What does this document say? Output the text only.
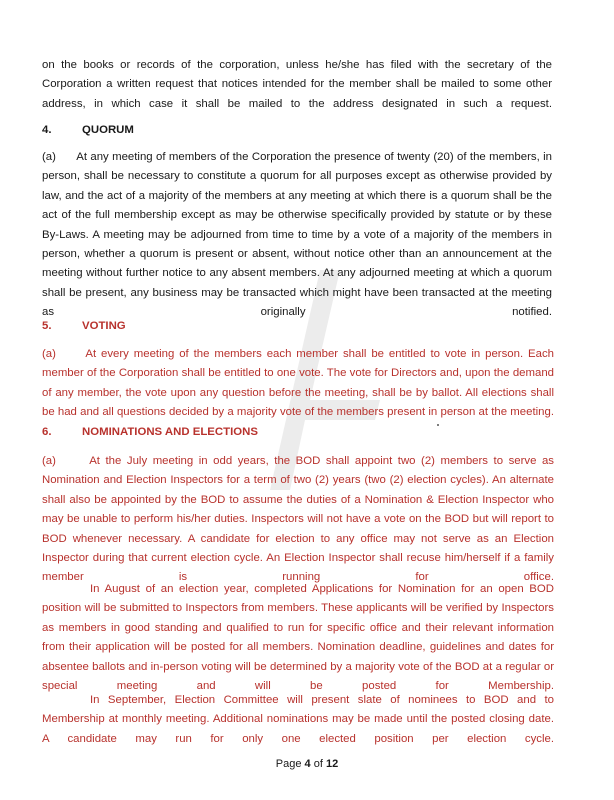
on the books or records of the corporation, unless he/she has filed with the secretary of the Corporation a written request that notices intended for the member shall be mailed to some other address, in which case it shall be mailed to the address designated in such a request.

4.	QUORUM

(a) At any meeting of members of the Corporation the presence of twenty (20) of the members, in person, shall be necessary to constitute a quorum for all purposes except as otherwise provided by law, and the act of a majority of the members at any meeting at which there is a quorum shall be the act of the full membership except as may be otherwise specifically provided by statute or by these By-Laws. A meeting may be adjourned from time to time by a vote of a majority of the members in person, whether a quorum is present or absent, without notice other than an announcement at the meeting without further notice to any absent members. At any adjourned meeting at which a quorum shall be present, any business may be transacted which might have been transacted at the meeting as originally notified.

5.	VOTING

(a)	At every meeting of the members each member shall be entitled to vote in person. Each member of the Corporation shall be entitled to one vote. The vote for Directors and, upon the demand of any member, the vote upon any question before the meeting, shall be by ballot. All elections shall be had and all questions decided by a majority vote of the members present in person at the meeting.

6.	NOMINATIONS AND ELECTIONS

(a)	At the July meeting in odd years, the BOD shall appoint two (2) members to serve as Nomination and Election Inspectors for a term of two (2) years (two (2) election cycles). An alternate shall also be appointed by the BOD to assume the duties of a Nomination & Election Inspector who may be unable to perform his/her duties. Inspectors will not have a vote on the BOD but will report to BOD whenever necessary. A candidate for election to any office may not serve as an Election Inspector during that current election cycle. An Election Inspector shall recuse him/herself if a family member is running for office.

In August of an election year, completed Applications for Nomination for an open BOD position will be submitted to Inspectors from members. These applicants will be verified by Inspectors as members in good standing and qualified to run for specific office and their relevant information from their application will be posted for all members. Nomination deadline, guidelines and dates for absentee ballots and in-person voting will be determined by a majority vote of the BOD at a regular or special meeting and will be posted for Membership.

In September, Election Committee will present slate of nominees to BOD and to Membership at monthly meeting. Additional nominations may be made until the posted closing date. A candidate may run for only one elected position per election cycle.

Page 4 of 12
